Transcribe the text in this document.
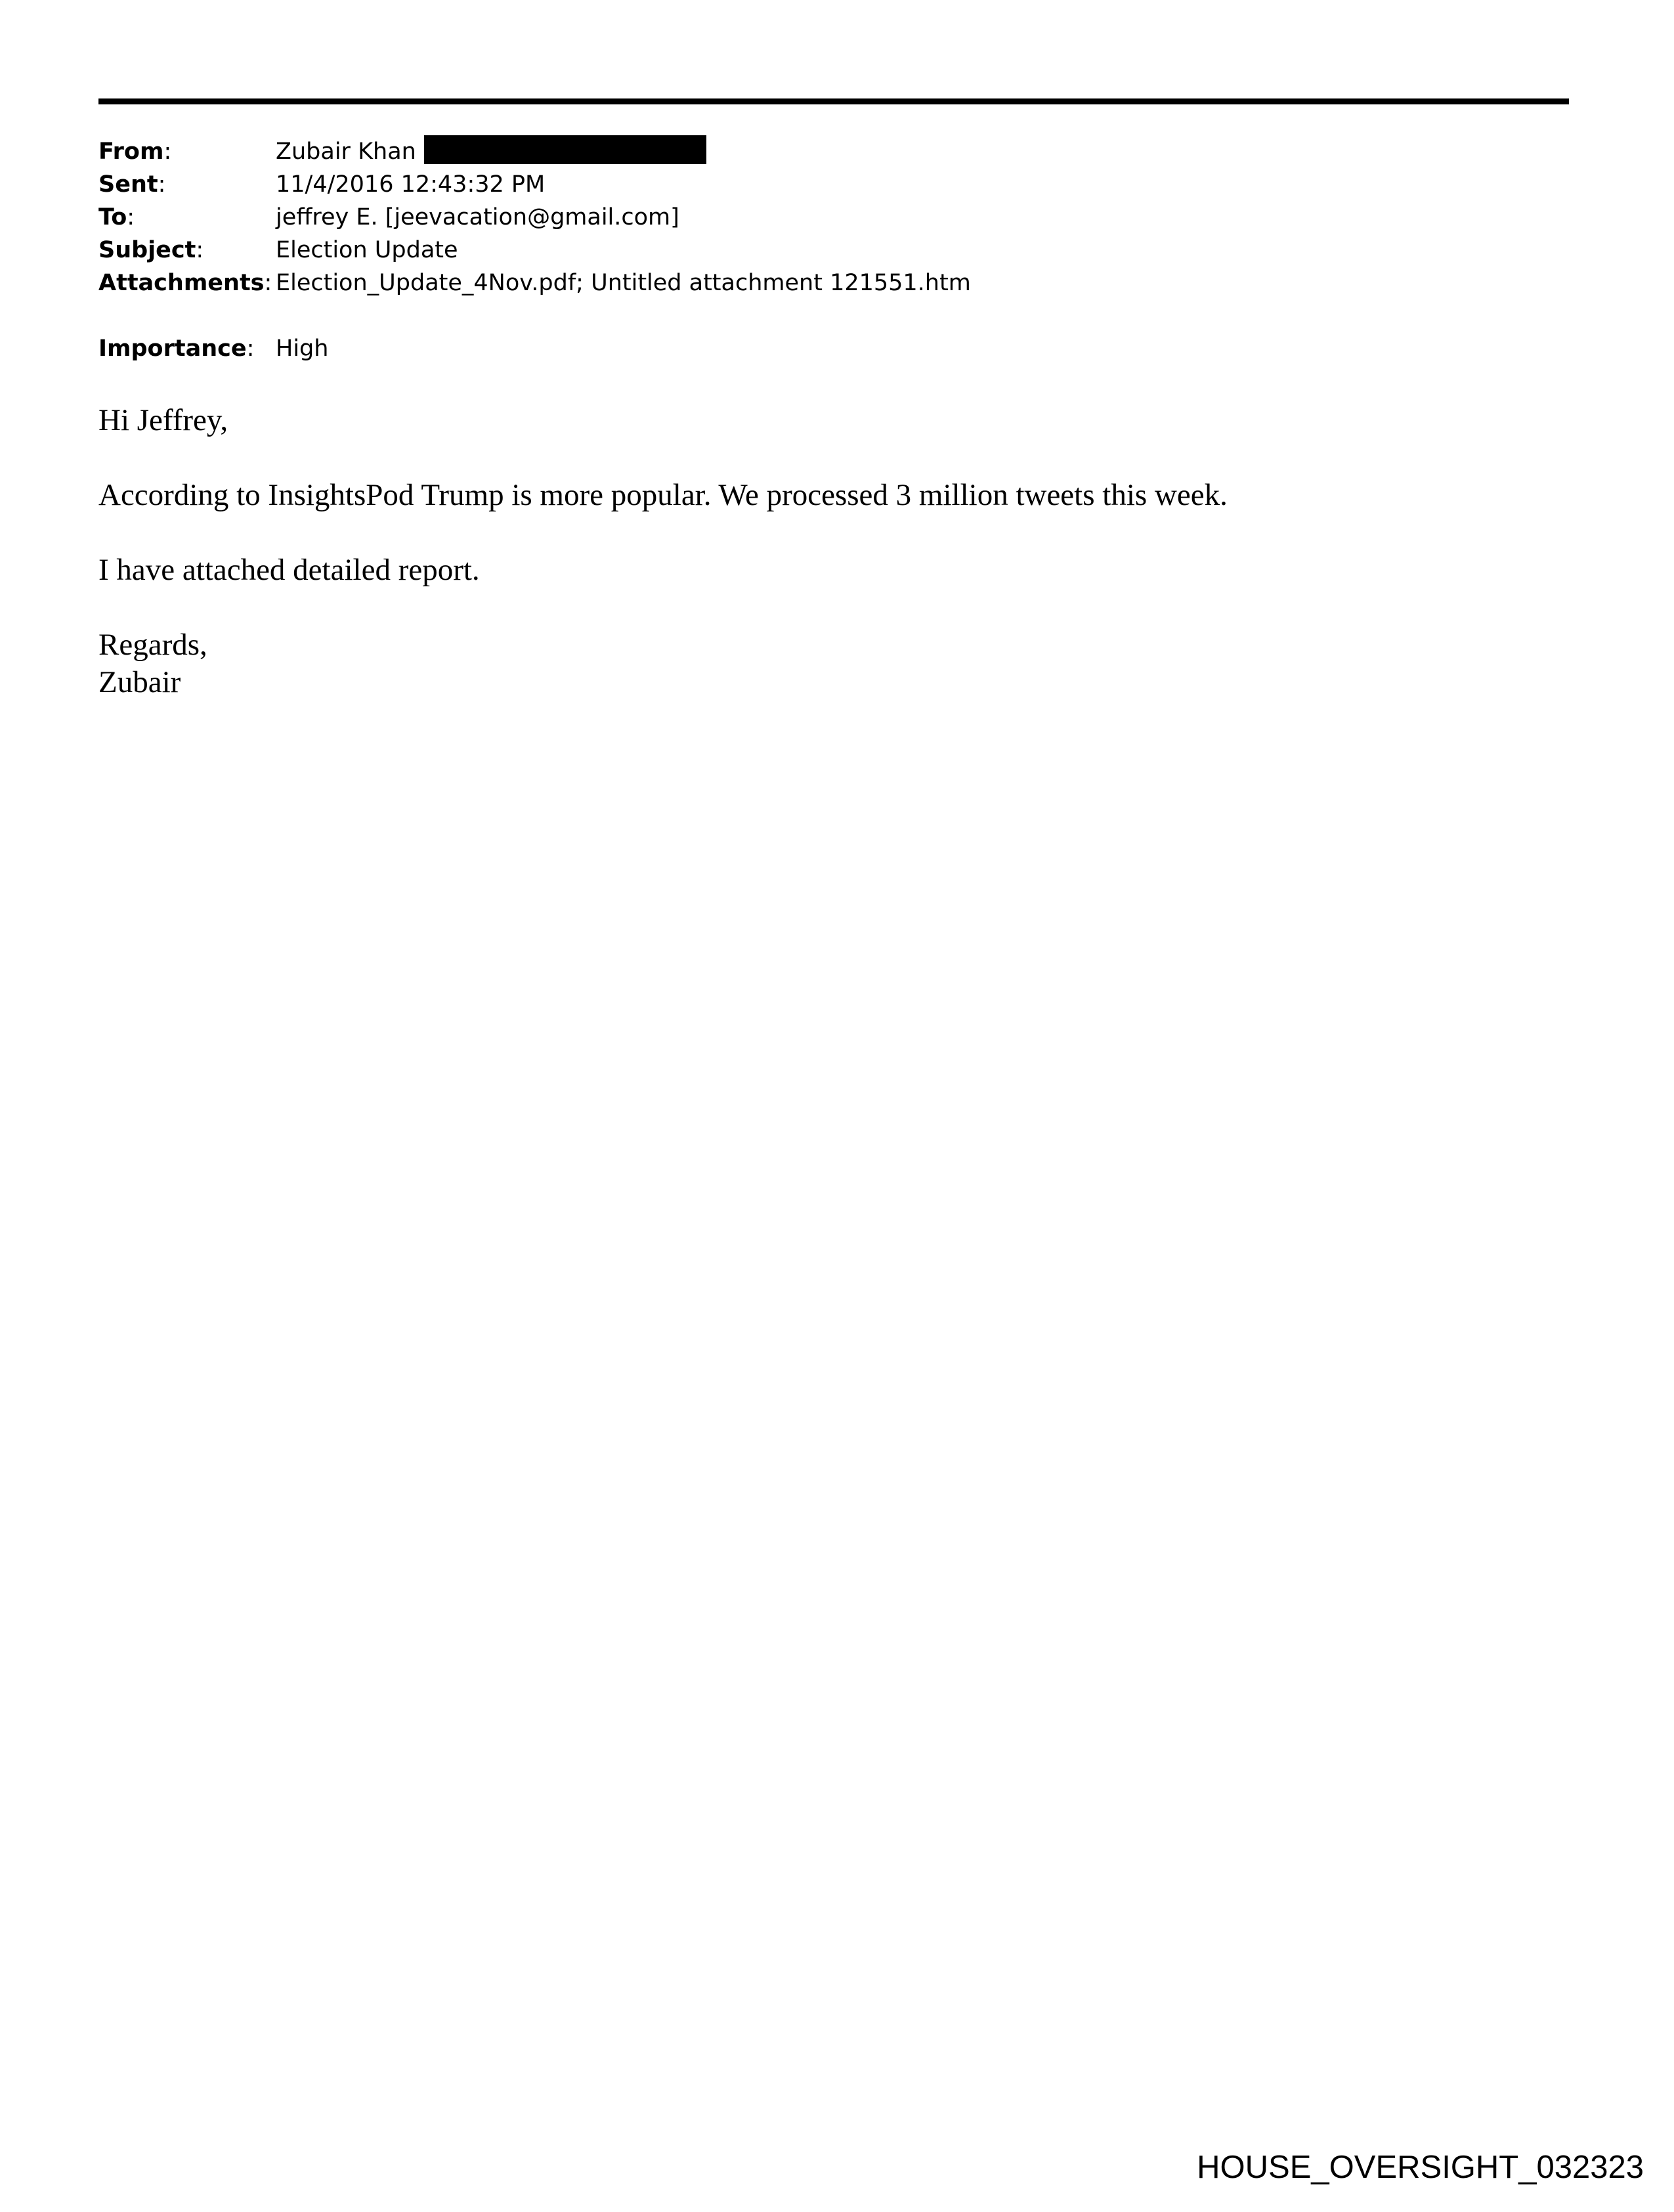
From:	Zubair Khan
Sent:	11/4/2016 12:43:32 PM
To:	jeffrey E. [jeevacation@gmail.com]
Subject:	Election Update
Attachments: Election_Update_4Nov.pdf; Untitled attachment 121551.htm
Importance: High

Hi Jeffrey,

According to InsightsPod Trump is more popular. We processed 3 million tweets this week.

I have attached detailed report.

Regards,

Zubair

HOUSE_OVERSIGHT_032323
